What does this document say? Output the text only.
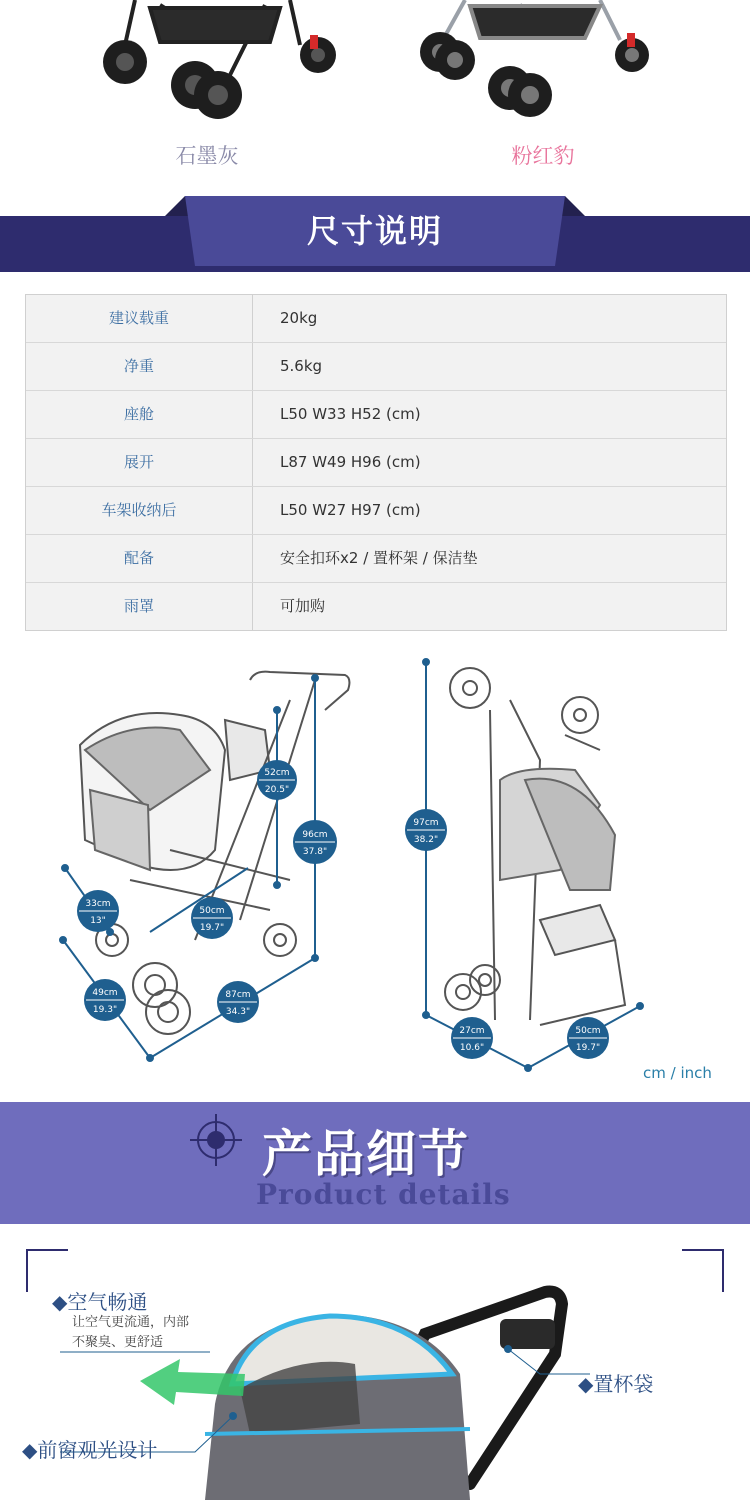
石墨灰	粉红豹
尺寸说明
建议载重	20kg
净重	5.6kg
座舱	L50 W33 H52 (cm)
展开	L87 W49 H96 (cm)
车架收纳后	L50 W27 H97 (cm)
配备	安全扣环x2 / 置杯架 / 保洁垫
雨罩	可加购
52cm
20.5"
96cm
37.8"
33cm
13"
50cm
19.7"
49cm
19.3"
87cm
34.3"
97cm
38.2"
27cm
10.6"
50cm
19.7"
cm / inch
产品细节
Product details
◆空气畅通
让空气更流通，内部
不聚臭、更舒适
◆置杯袋
◆前窗观光设计
